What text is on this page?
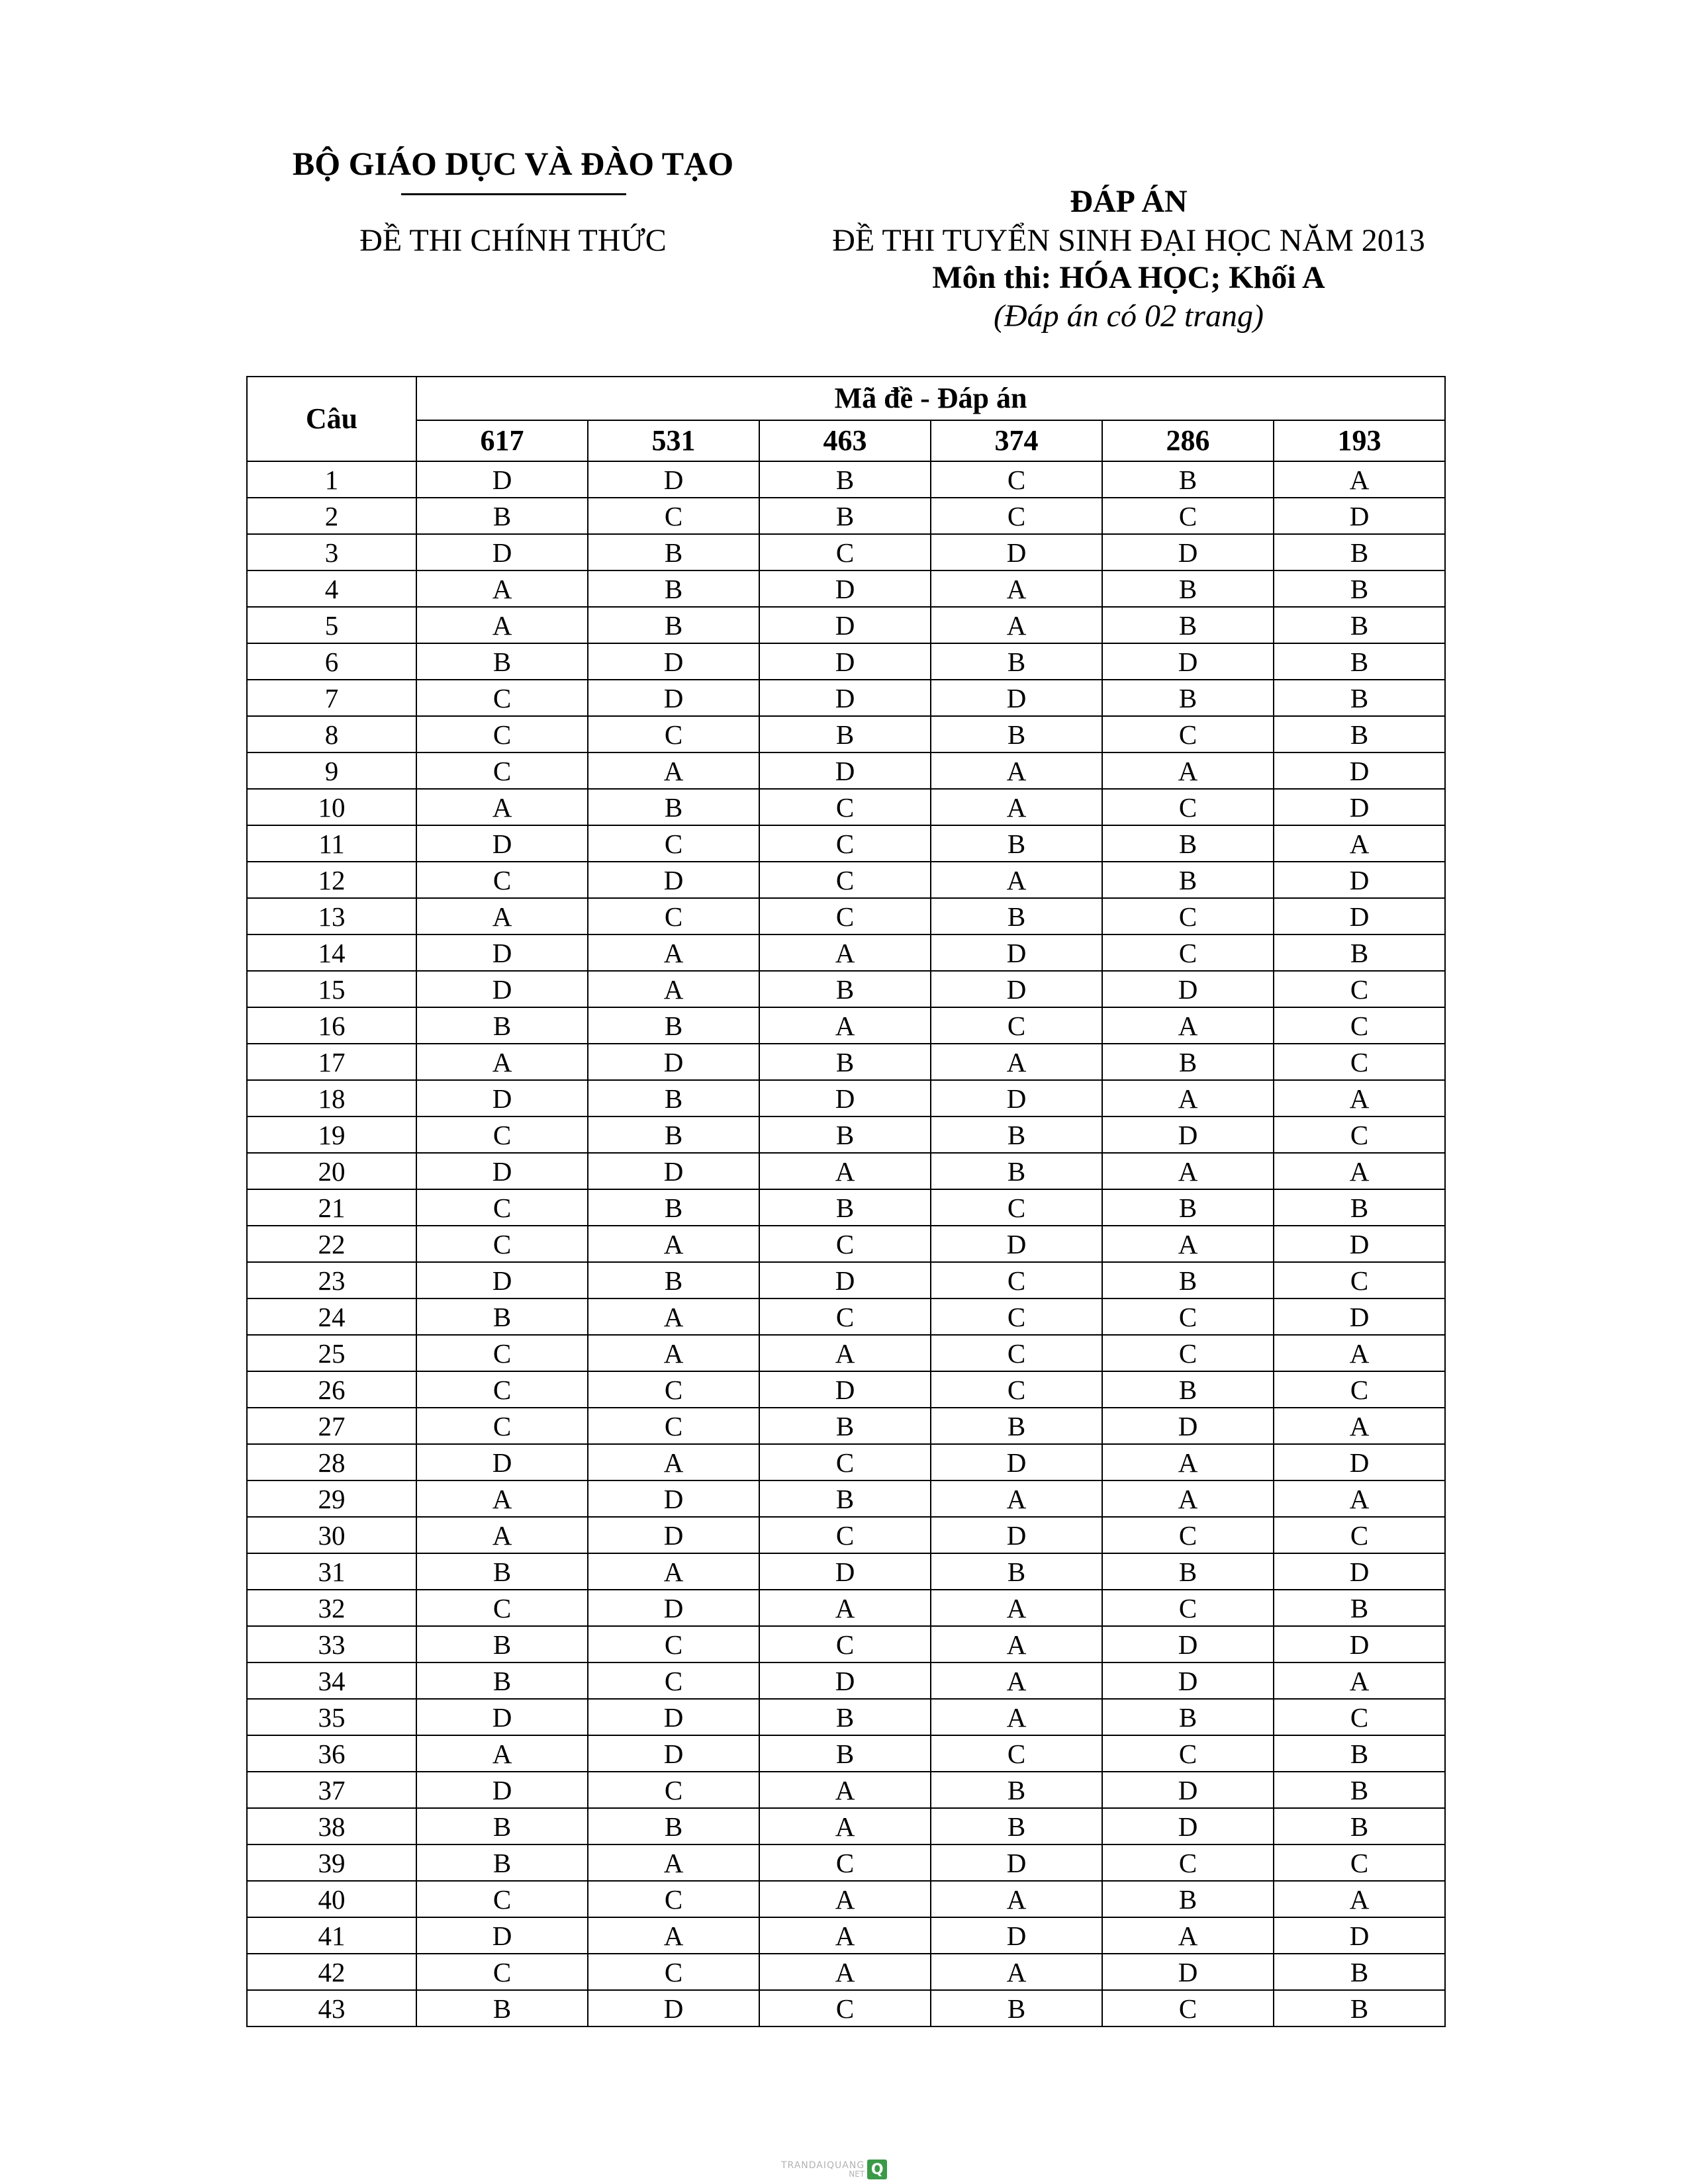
BỘ GIÁO DỤC VÀ ĐÀO TẠO
ĐỀ THI CHÍNH THỨC
ĐÁP ÁN
ĐỀ THI TUYỂN SINH ĐẠI HỌC NĂM 2013
Môn thi: HÓA HỌC; Khối A
(Đáp án có 02 trang)
Câu	Mã đề - Đáp án					
	617	531	463	374	286	193
1	D	D	B	C	B	A
2	B	C	B	C	C	D
3	D	B	C	D	D	B
4	A	B	D	A	B	B
5	A	B	D	A	B	B
6	B	D	D	B	D	B
7	C	D	D	D	B	B
8	C	C	B	B	C	B
9	C	A	D	A	A	D
10	A	B	C	A	C	D
11	D	C	C	B	B	A
12	C	D	C	A	B	D
13	A	C	C	B	C	D
14	D	A	A	D	C	B
15	D	A	B	D	D	C
16	B	B	A	C	A	C
17	A	D	B	A	B	C
18	D	B	D	D	A	A
19	C	B	B	B	D	C
20	D	D	A	B	A	A
21	C	B	B	C	B	B
22	C	A	C	D	A	D
23	D	B	D	C	B	C
24	B	A	C	C	C	D
25	C	A	A	C	C	A
26	C	C	D	C	B	C
27	C	C	B	B	D	A
28	D	A	C	D	A	D
29	A	D	B	A	A	A
30	A	D	C	D	C	C
31	B	A	D	B	B	D
32	C	D	A	A	C	B
33	B	C	C	A	D	D
34	B	C	D	A	D	A
35	D	D	B	A	B	C
36	A	D	B	C	C	B
37	D	C	A	B	D	B
38	B	B	A	B	D	B
39	B	A	C	D	C	C
40	C	C	A	A	B	A
41	D	A	A	D	A	D
42	C	C	A	A	D	B
43	B	D	C	B	C	B
TRANDAIQUANG
NET Q
